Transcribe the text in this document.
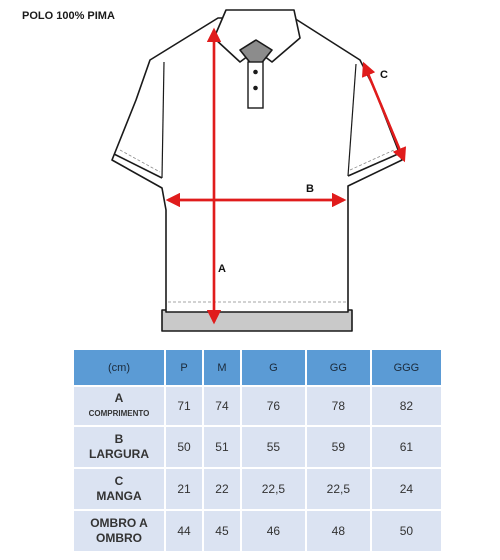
POLO 100% PIMA
A
B
C
(cm)	P	M	G	GG	GGG

A
COMPRIMENTO	71	74	76	78	82

B
LARGURA	50	51	55	59	61

C
MANGA	21	22	22,5	22,5	24

OMBRO A
OMBRO	44	45	46	48	50
